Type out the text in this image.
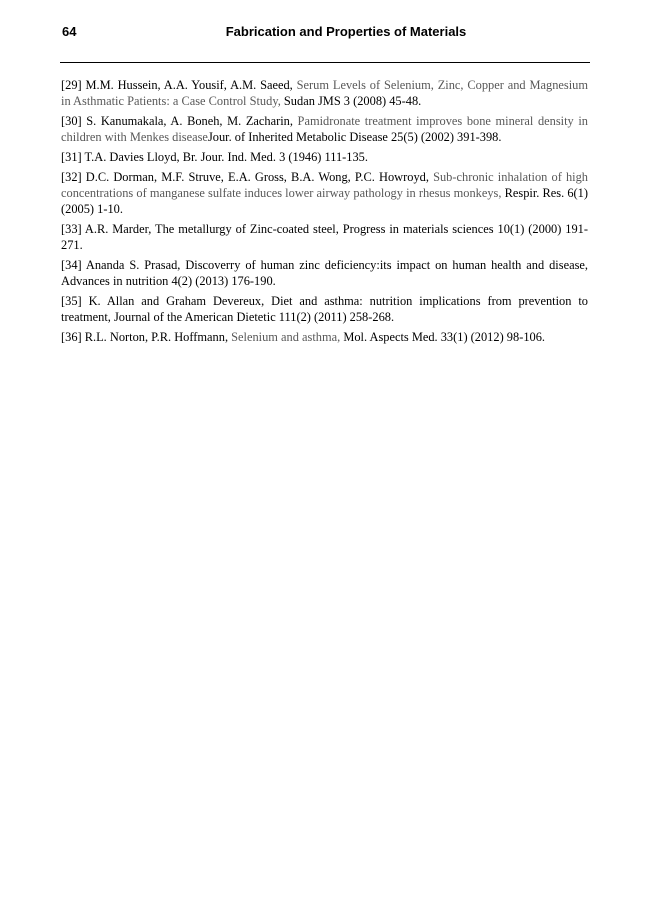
64	Fabrication and Properties of Materials

[29] M.M. Hussein, A.A. Yousif, A.M. Saeed, Serum Levels of Selenium, Zinc, Copper and Magnesium in Asthmatic Patients: a Case Control Study, Sudan JMS 3 (2008) 45-48.

[30] S. Kanumakala, A. Boneh, M. Zacharin, Pamidronate treatment improves bone mineral density in children with Menkes diseaseJour. of Inherited Metabolic Disease 25(5) (2002) 391-398.

[31] T.A. Davies Lloyd, Br. Jour. Ind. Med. 3 (1946) 111-135.

[32] D.C. Dorman, M.F. Struve, E.A. Gross, B.A. Wong, P.C. Howroyd, Sub-chronic inhalation of high concentrations of manganese sulfate induces lower airway pathology in rhesus monkeys, Respir. Res. 6(1) (2005) 1-10.

[33] A.R. Marder, The metallurgy of Zinc-coated steel, Progress in materials sciences 10(1) (2000) 191-271.

[34] Ananda S. Prasad, Discoverry of human zinc deficiency:its impact on human health and disease, Advances in nutrition 4(2) (2013) 176-190.

[35] K. Allan and Graham Devereux, Diet and asthma: nutrition implications from prevention to treatment, Journal of the American Dietetic 111(2) (2011) 258-268.

[36] R.L. Norton, P.R. Hoffmann, Selenium and asthma, Mol. Aspects Med. 33(1) (2012) 98-106.
